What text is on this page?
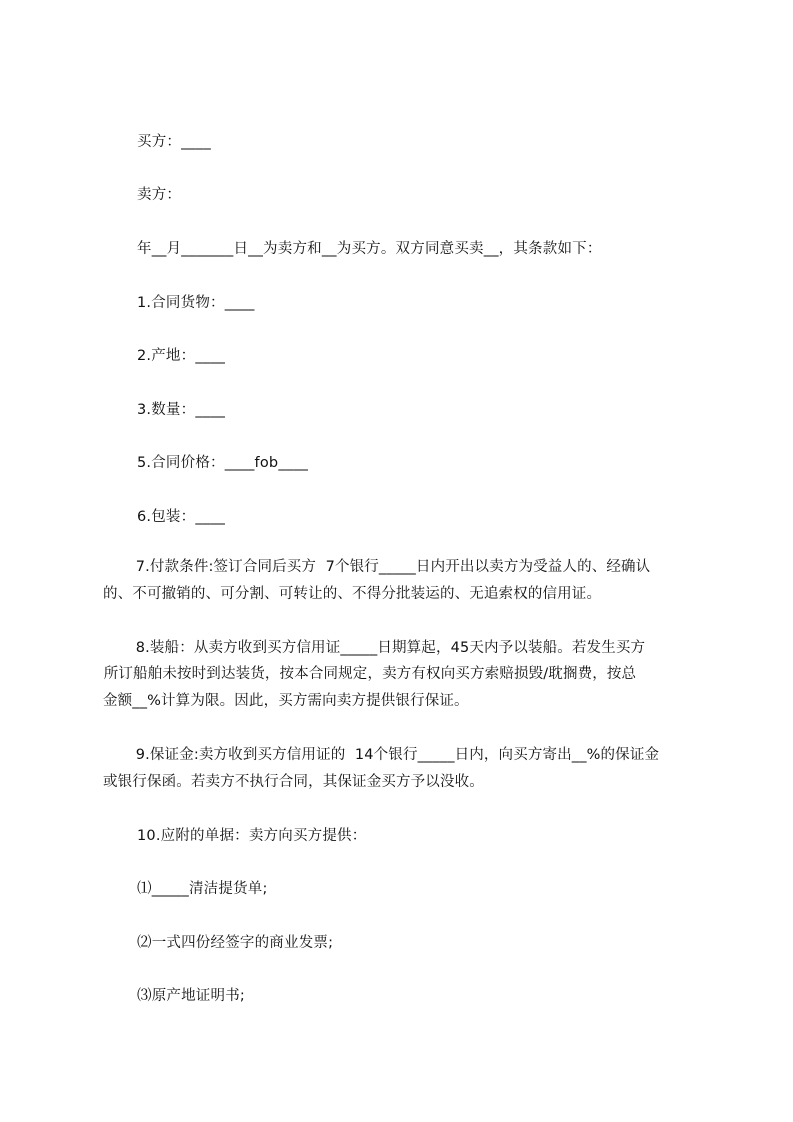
买方：____
卖方：
年__月_______日__为卖方和__为买方。双方同意买卖__，其条款如下：
1.合同货物：____
2.产地：____
3.数量：____
5.合同价格：____fob____
6.包装：____
7.付款条件:签订合同后买方  7个银行_____日内开出以卖方为受益人的、经确认
的、不可撤销的、可分割、可转让的、不得分批装运的、无追索权的信用证。
8.装船：从卖方收到买方信用证_____日期算起，45天内予以装船。若发生买方
所订船舶未按时到达装货，按本合同规定，卖方有权向买方索赔损毁/耽搁费，按总
金额__%计算为限。因此，买方需向卖方提供银行保证。
9.保证金:卖方收到买方信用证的  14个银行_____日内，向买方寄出__%的保证金
或银行保函。若卖方不执行合同，其保证金买方予以没收。
10.应附的单据：卖方向买方提供：
⑴_____清洁提货单;
⑵一式四份经签字的商业发票;
⑶原产地证明书;
